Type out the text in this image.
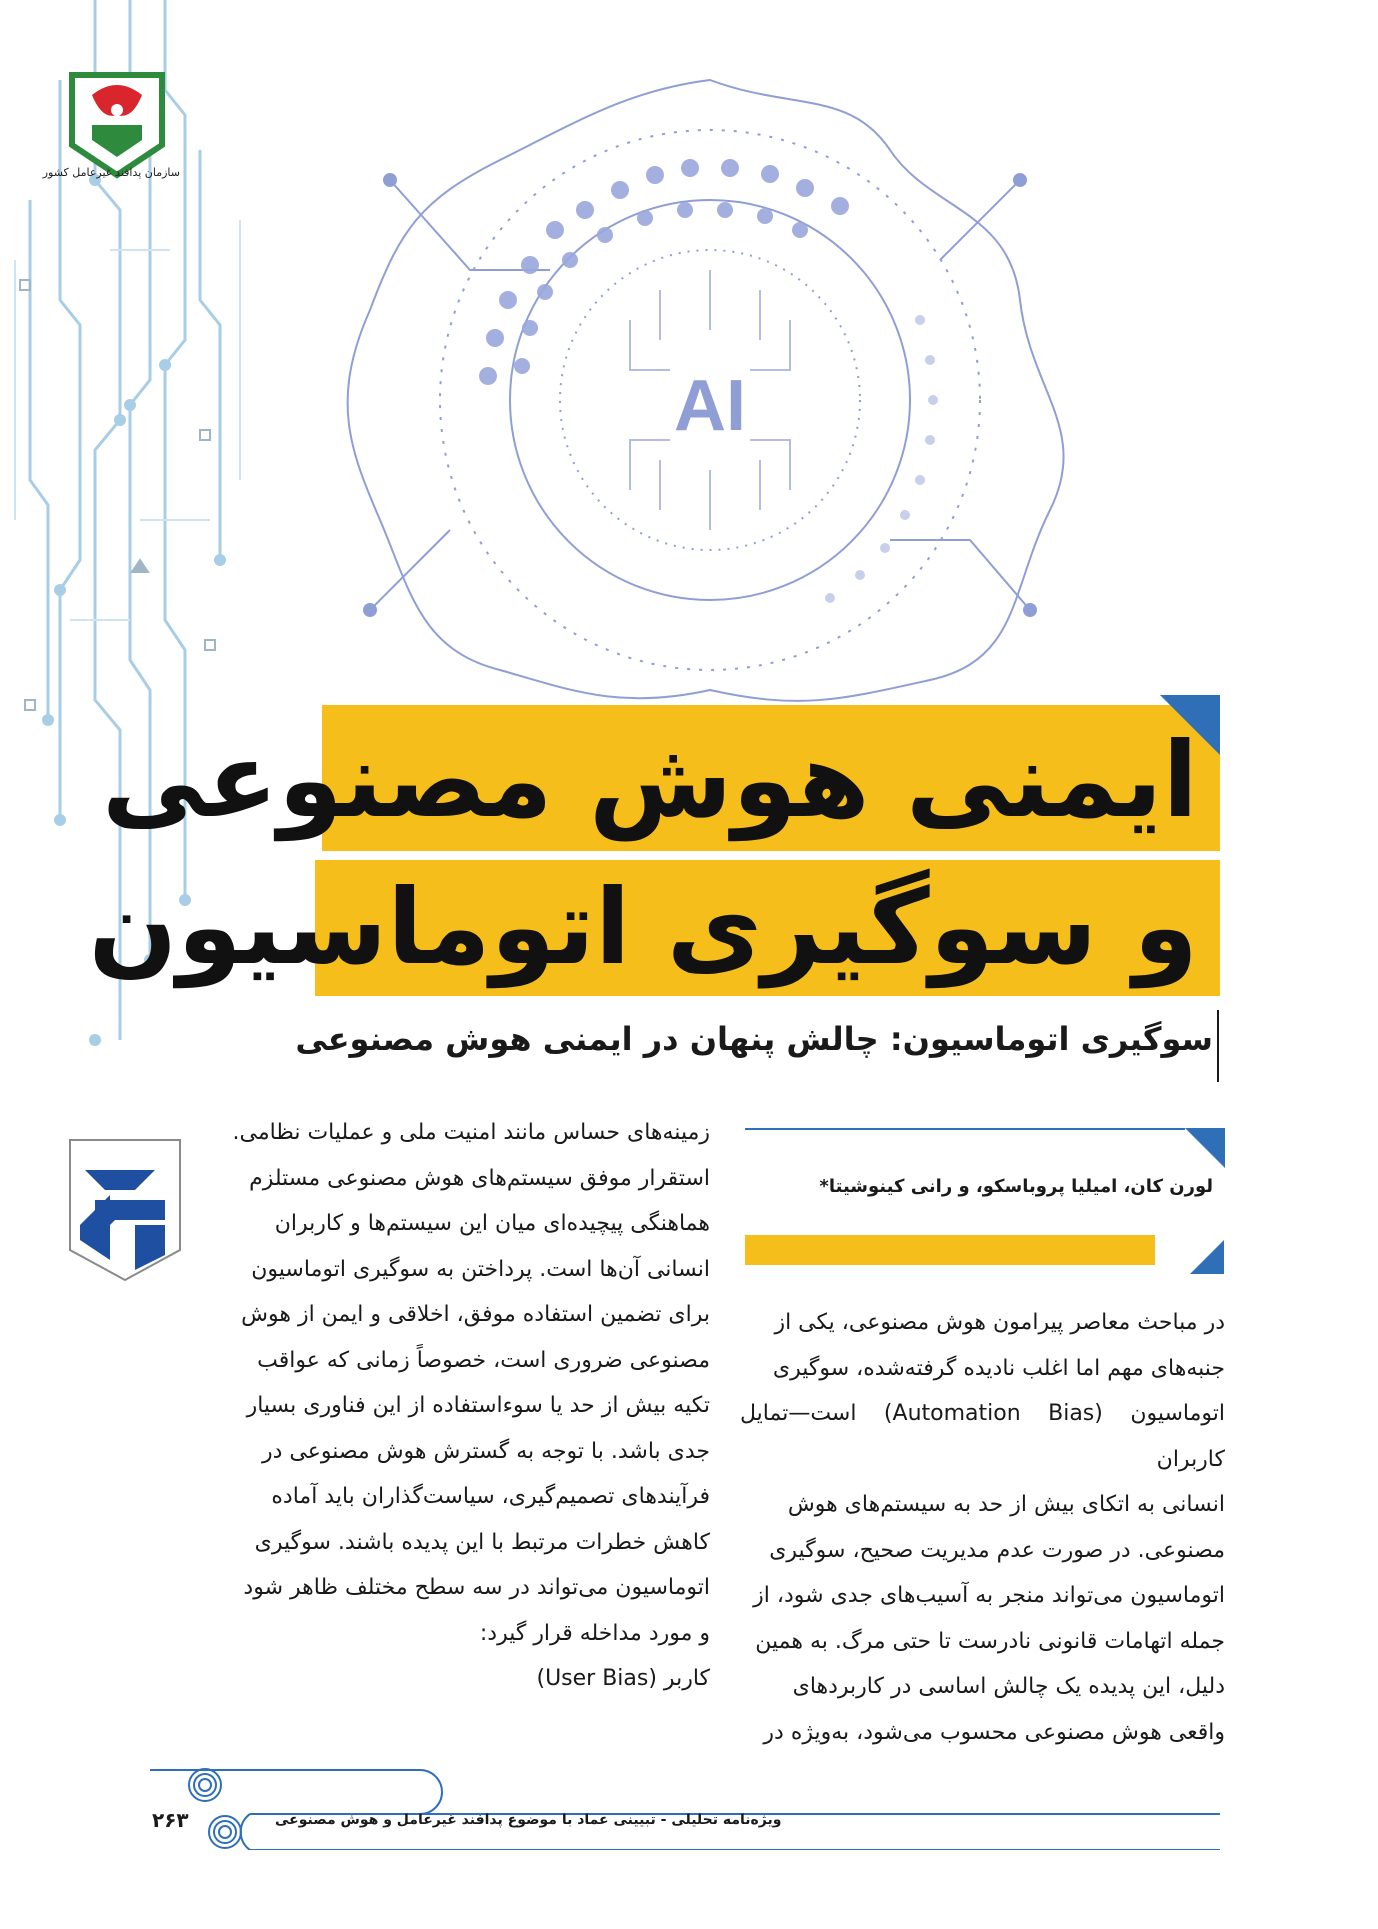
AI
سازمان پدافند غیرعامل کشور
ایمنی هوش مصنوعی
و سوگیری اتوماسیون
سوگیری اتوماسیون: چالش پنهان در ایمنی هوش مصنوعی
لورن کان، امیلیا پروباسکو، و رانی کینوشیتا*

در مباحث معاصر پیرامون هوش مصنوعی، یکی از

جنبه‌های مهم اما اغلب نادیده گرفته‌شده، سوگیری

اتوماسیون (Automation Bias) است—تمایل کاربران

انسانی به اتکای بیش از حد به سیستم‌های هوش

مصنوعی. در صورت عدم مدیریت صحیح، سوگیری

اتوماسیون می‌تواند منجر به آسیب‌های جدی شود، از

جمله اتهامات قانونی نادرست تا حتی مرگ. به همین

دلیل، این پدیده یک چالش اساسی در کاربردهای

واقعی هوش مصنوعی محسوب می‌شود، به‌ویژه در

زمینه‌های حساس مانند امنیت ملی و عملیات نظامی.

استقرار موفق سیستم‌های هوش مصنوعی مستلزم

هماهنگی پیچیده‌ای میان این سیستم‌ها و کاربران

انسانی آن‌ها است. پرداختن به سوگیری اتوماسیون

برای تضمین استفاده موفق، اخلاقی و ایمن از هوش

مصنوعی ضروری است، خصوصاً زمانی که عواقب

تکیه بیش از حد یا سوءاستفاده از این فناوری بسیار

جدی باشد. با توجه به گسترش هوش مصنوعی در

فرآیندهای تصمیم‌گیری، سیاست‌گذاران باید آماده

کاهش خطرات مرتبط با این پدیده باشند. سوگیری

اتوماسیون می‌تواند در سه سطح مختلف ظاهر شود

و مورد مداخله قرار گیرد:

کاربر (User Bias)

۲۶۳	ویژه‌نامه تحلیلی - تبیینی عماد با موضوع پدافند غیرعامل و هوش مصنوعی
